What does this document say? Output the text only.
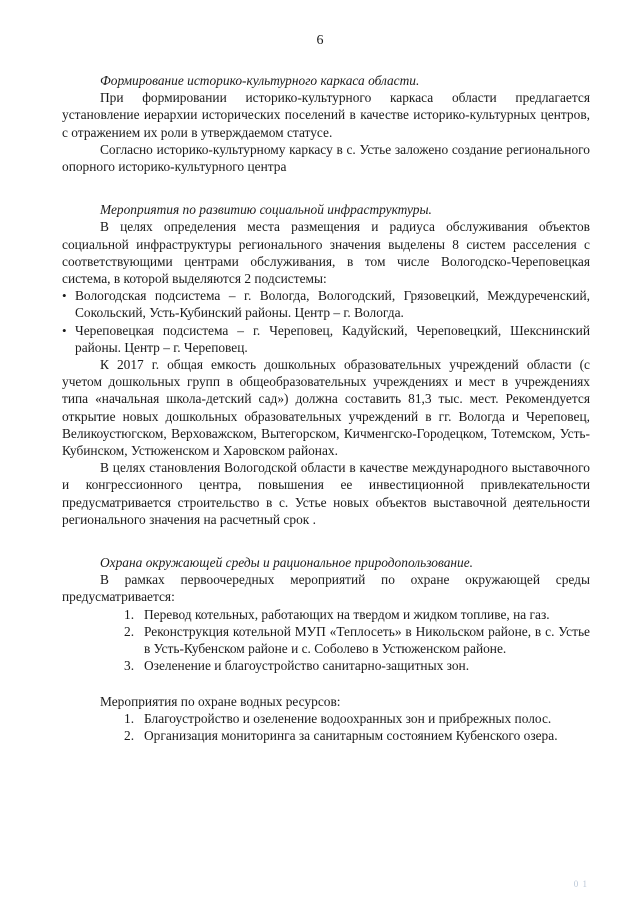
6

Формирование историко-культурного каркаса области.

При формировании историко-культурного каркаса области предлагается установление иерархии исторических поселений в качестве историко-культурных центров, с отражением их роли в утверждаемом статусе.

Согласно историко-культурному каркасу в с. Устье заложено создание регионального опорного историко-культурного центра

Мероприятия по развитию социальной инфраструктуры.

В целях определения места размещения и радиуса обслуживания объектов социальной инфраструктуры регионального значения выделены 8 систем расселения с соответствующими центрами обслуживания, в том числе Вологодско-Череповецкая система, в которой выделяются 2 подсистемы:

• Вологодская подсистема – г. Вологда, Вологодский, Грязовецкий, Междуреченский, Сокольский, Усть-Кубинский районы. Центр – г. Вологда.
• Череповецкая подсистема – г. Череповец, Кадуйский, Череповецкий, Шекснинский районы. Центр – г. Череповец.

К 2017 г. общая емкость дошкольных образовательных учреждений области (с учетом дошкольных групп в общеобразовательных учреждениях и мест в учреждениях типа «начальная школа-детский сад») должна составить 81,3 тыс. мест. Рекомендуется открытие новых дошкольных образовательных учреждений в гг. Вологда и Череповец, Великоустюгском, Верховажском, Вытегорском, Кичменгско-Городецком, Тотемском, Усть-Кубинском, Устюженском и Харовском районах.

В целях становления Вологодской области в качестве международного выставочного и конгрессионного центра, повышения ее инвестиционной привлекательности предусматривается строительство в с. Устье новых объектов выставочной деятельности регионального значения на расчетный срок .

Охрана окружающей среды и рациональное природопользование.

В рамках первоочередных мероприятий по охране окружающей среды предусматривается:

1. Перевод котельных, работающих на твердом и жидком топливе, на газ.
2. Реконструкция котельной МУП «Теплосеть» в Никольском районе, в с. Устье в Усть-Кубенском районе и с. Соболево в Устюженском районе.
3. Озеленение и благоустройство санитарно-защитных зон.

Мероприятия по охране водных ресурсов:

1. Благоустройство и озеленение водоохранных зон и прибрежных полос.
2. Организация мониторинга за санитарным состоянием Кубенского озера.
0 1
